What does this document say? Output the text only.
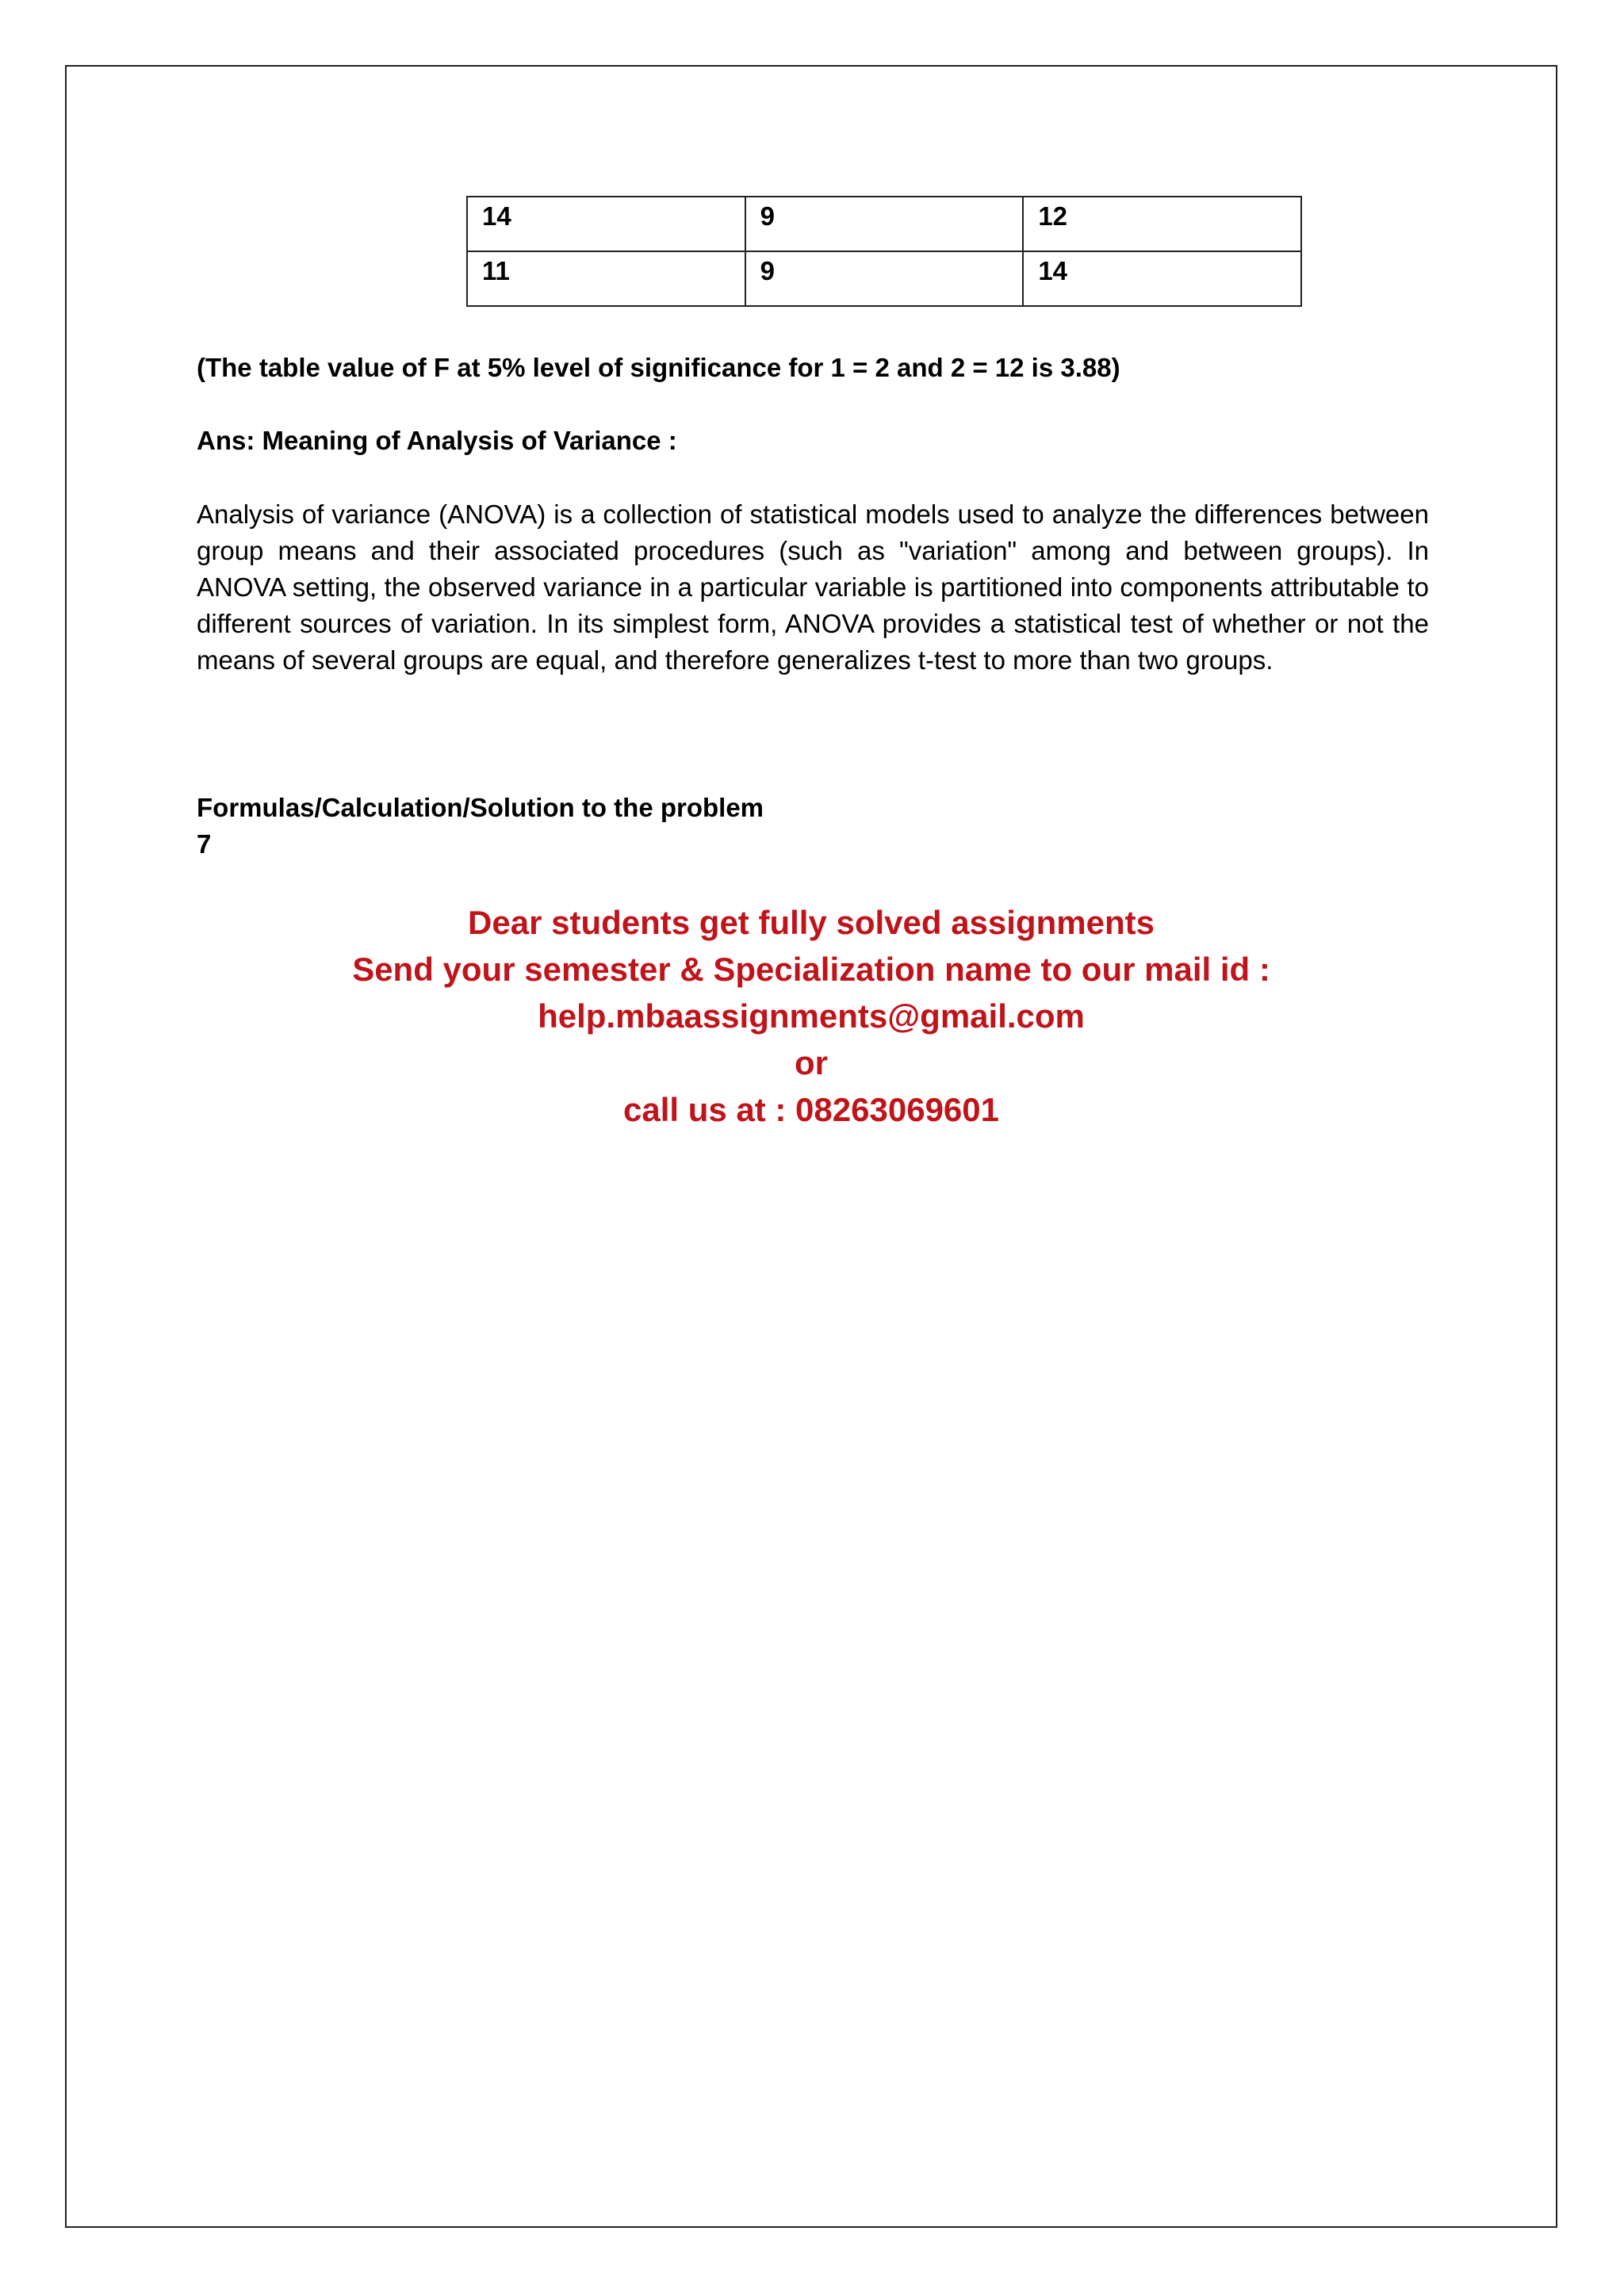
14	9	12
11	9	14
(The table value of F at 5% level of significance for 1 = 2 and 2 = 12 is 3.88)
Ans: Meaning of Analysis of Variance :
Analysis of variance (ANOVA) is a collection of statistical models used to analyze the differences between group means and their associated procedures (such as "variation" among and between groups). In ANOVA setting, the observed variance in a particular variable is partitioned into components attributable to different sources of variation. In its simplest form, ANOVA provides a statistical test of whether or not the means of several groups are equal, and therefore generalizes t-test to more than two groups.
Formulas/Calculation/Solution to the problem
7
Dear students get fully solved assignments
Send your semester & Specialization name to our mail id :
help.mbaassignments@gmail.com
or
call us at : 08263069601
